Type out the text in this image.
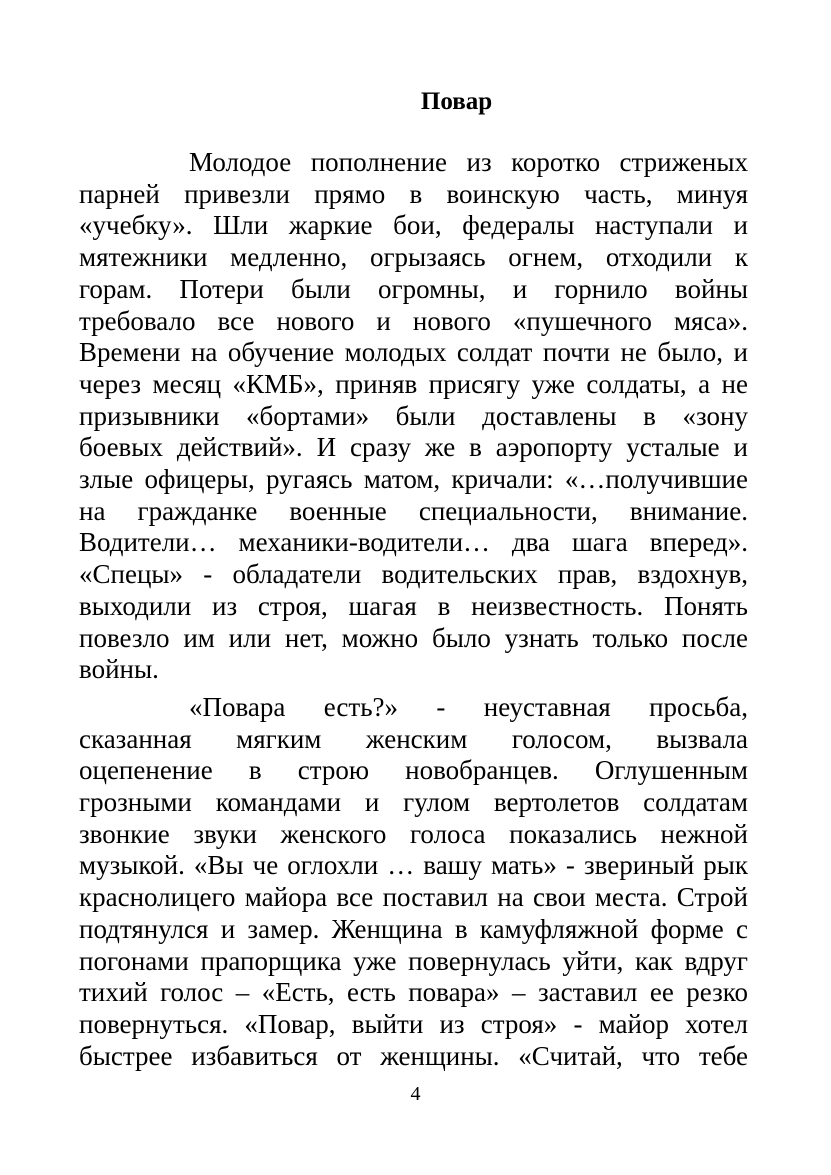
Повар

Молодое пополнение из коротко стриженых
парней привезли прямо в воинскую часть, минуя
«учебку». Шли жаркие бои, федералы наступали и
мятежники медленно, огрызаясь огнем, отходили к
горам. Потери были огромны, и горнило войны
требовало все нового и нового «пушечного мяса».
Времени на обучение молодых солдат почти не было, и
через месяц «КМБ», приняв присягу уже солдаты, а не
призывники «бортами» были доставлены в «зону
боевых действий». И сразу же в аэропорту усталые и
злые офицеры, ругаясь матом, кричали: «…получившие
на гражданке военные специальности, внимание.
Водители… механики-водители… два шага вперед».
«Спецы» - обладатели водительских прав, вздохнув,
выходили из строя, шагая в неизвестность. Понять
повезло им или нет, можно было узнать только после
войны.

«Повара есть?» - неуставная просьба,
сказанная мягким женским голосом, вызвала
оцепенение в строю новобранцев. Оглушенным
грозными командами и гулом вертолетов солдатам
звонкие звуки женского голоса показались нежной
музыкой. «Вы че оглохли … вашу мать» - звериный рык
краснолицего майора все поставил на свои места. Строй
подтянулся и замер. Женщина в камуфляжной форме с
погонами прапорщика уже повернулась уйти, как вдруг
тихий голос – «Есть, есть повара» – заставил ее резко
повернуться. «Повар, выйти из строя» - майор хотел
быстрее избавиться от женщины. «Считай, что тебе

4
